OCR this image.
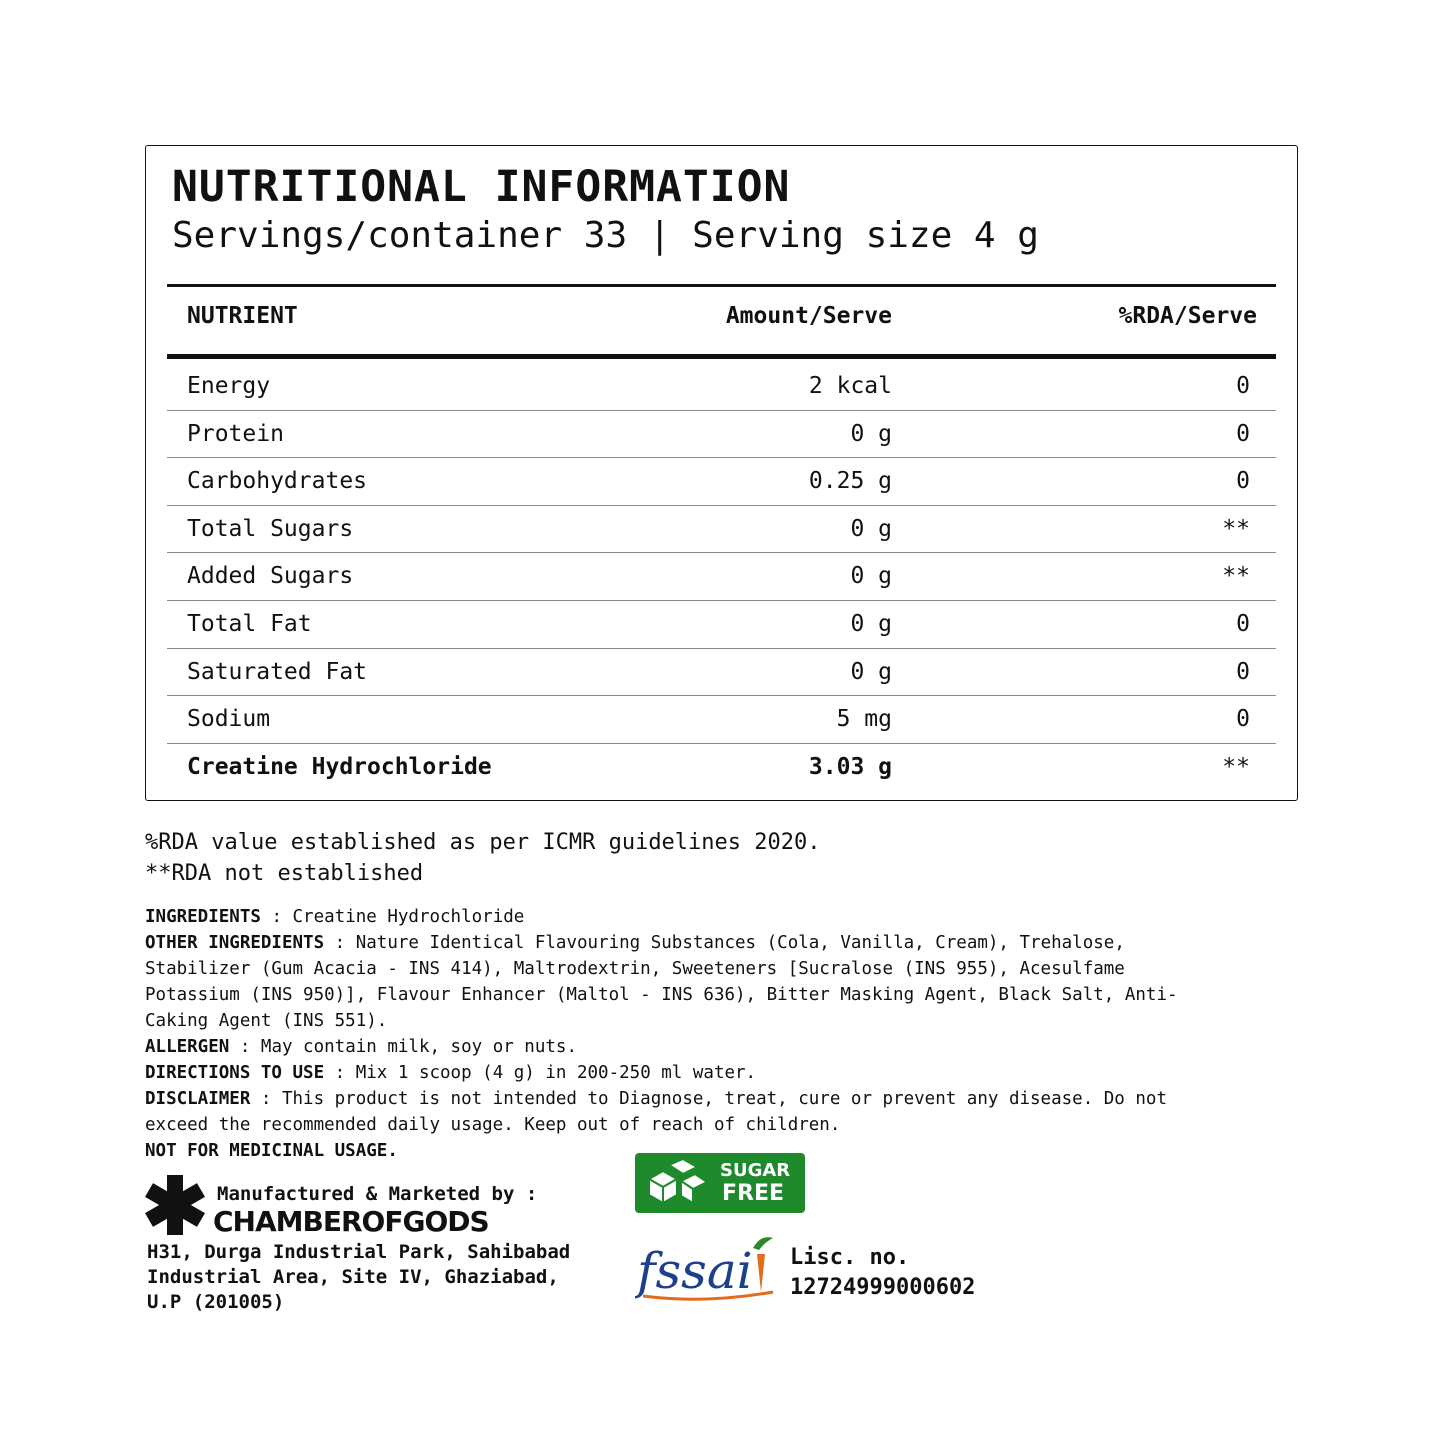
NUTRITIONAL INFORMATION
Servings/container 33 | Serving size 4 g
NUTRIENT	Amount/Serve	%RDA/Serve
Energy	2 kcal	0
Protein	0 g	0
Carbohydrates	0.25 g	0
Total Sugars	0 g	**
Added Sugars	0 g	**
Total Fat	0 g	0
Saturated Fat	0 g	0
Sodium	5 mg	0
Creatine Hydrochloride	3.03 g	**

%RDA value established as per ICMR guidelines 2020.

**RDA not established

INGREDIENTS : Creatine Hydrochloride

OTHER INGREDIENTS : Nature Identical Flavouring Substances (Cola, Vanilla, Cream), Trehalose,

Stabilizer (Gum Acacia - INS 414), Maltrodextrin, Sweeteners [Sucralose (INS 955), Acesulfame

Potassium (INS 950)], Flavour Enhancer (Maltol - INS 636), Bitter Masking Agent, Black Salt, Anti-

Caking Agent (INS 551).

ALLERGEN : May contain milk, soy or nuts.

DIRECTIONS TO USE : Mix 1 scoop (4 g) in 200-250 ml water.

DISCLAIMER : This product is not intended to Diagnose, treat, cure or prevent any disease. Do not

exceed the recommended daily usage. Keep out of reach of children.

NOT FOR MEDICINAL USAGE.

Manufactured & Marketed by :
CHAMBEROFGODS

H31, Durga Industrial Park, Sahibabad

Industrial Area, Site IV, Ghaziabad,

U.P (201005)

SUGAR
FREE
fssai Lisc. no.

12724999000602
